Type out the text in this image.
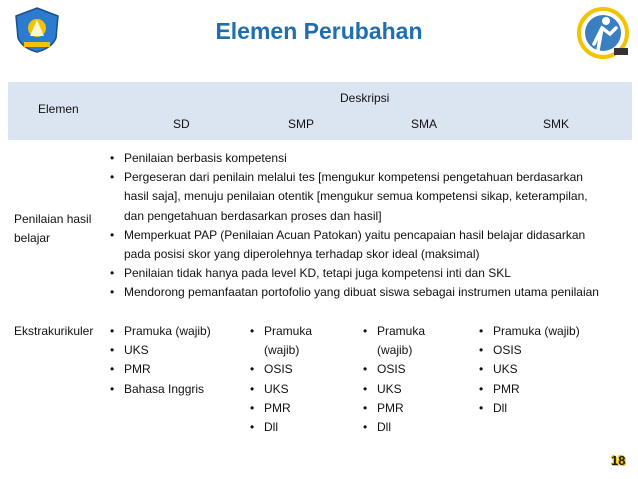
Elemen Perubahan
Elemen
Deskripsi
SD	SMP	SMA	SMK
Penilaian hasil belajar
• Penilaian berbasis kompetensi
• Pergeseran dari penilain melalui tes [mengukur kompetensi pengetahuan berdasarkan hasil saja], menuju penilaian otentik [mengukur semua kompetensi sikap, keterampilan, dan pengetahuan berdasarkan proses dan hasil]
• Memperkuat PAP (Penilaian Acuan Patokan) yaitu pencapaian hasil belajar didasarkan pada posisi skor yang diperolehnya terhadap skor ideal (maksimal)
• Penilaian tidak hanya pada level KD, tetapi juga kompetensi inti dan SKL
• Mendorong pemanfaatan portofolio yang dibuat siswa sebagai instrumen utama penilaian
Ekstrakurikuler
•	Pramuka (wajib)
• UKS
• PMR
• Bahasa Inggris
• Pramuka (wajib)
• OSIS
• UKS
• PMR
• Dll
• Pramuka (wajib)
• OSIS
• UKS
• PMR
• Dll
• Pramuka (wajib)
• OSIS
• UKS
• PMR
• Dll
18
